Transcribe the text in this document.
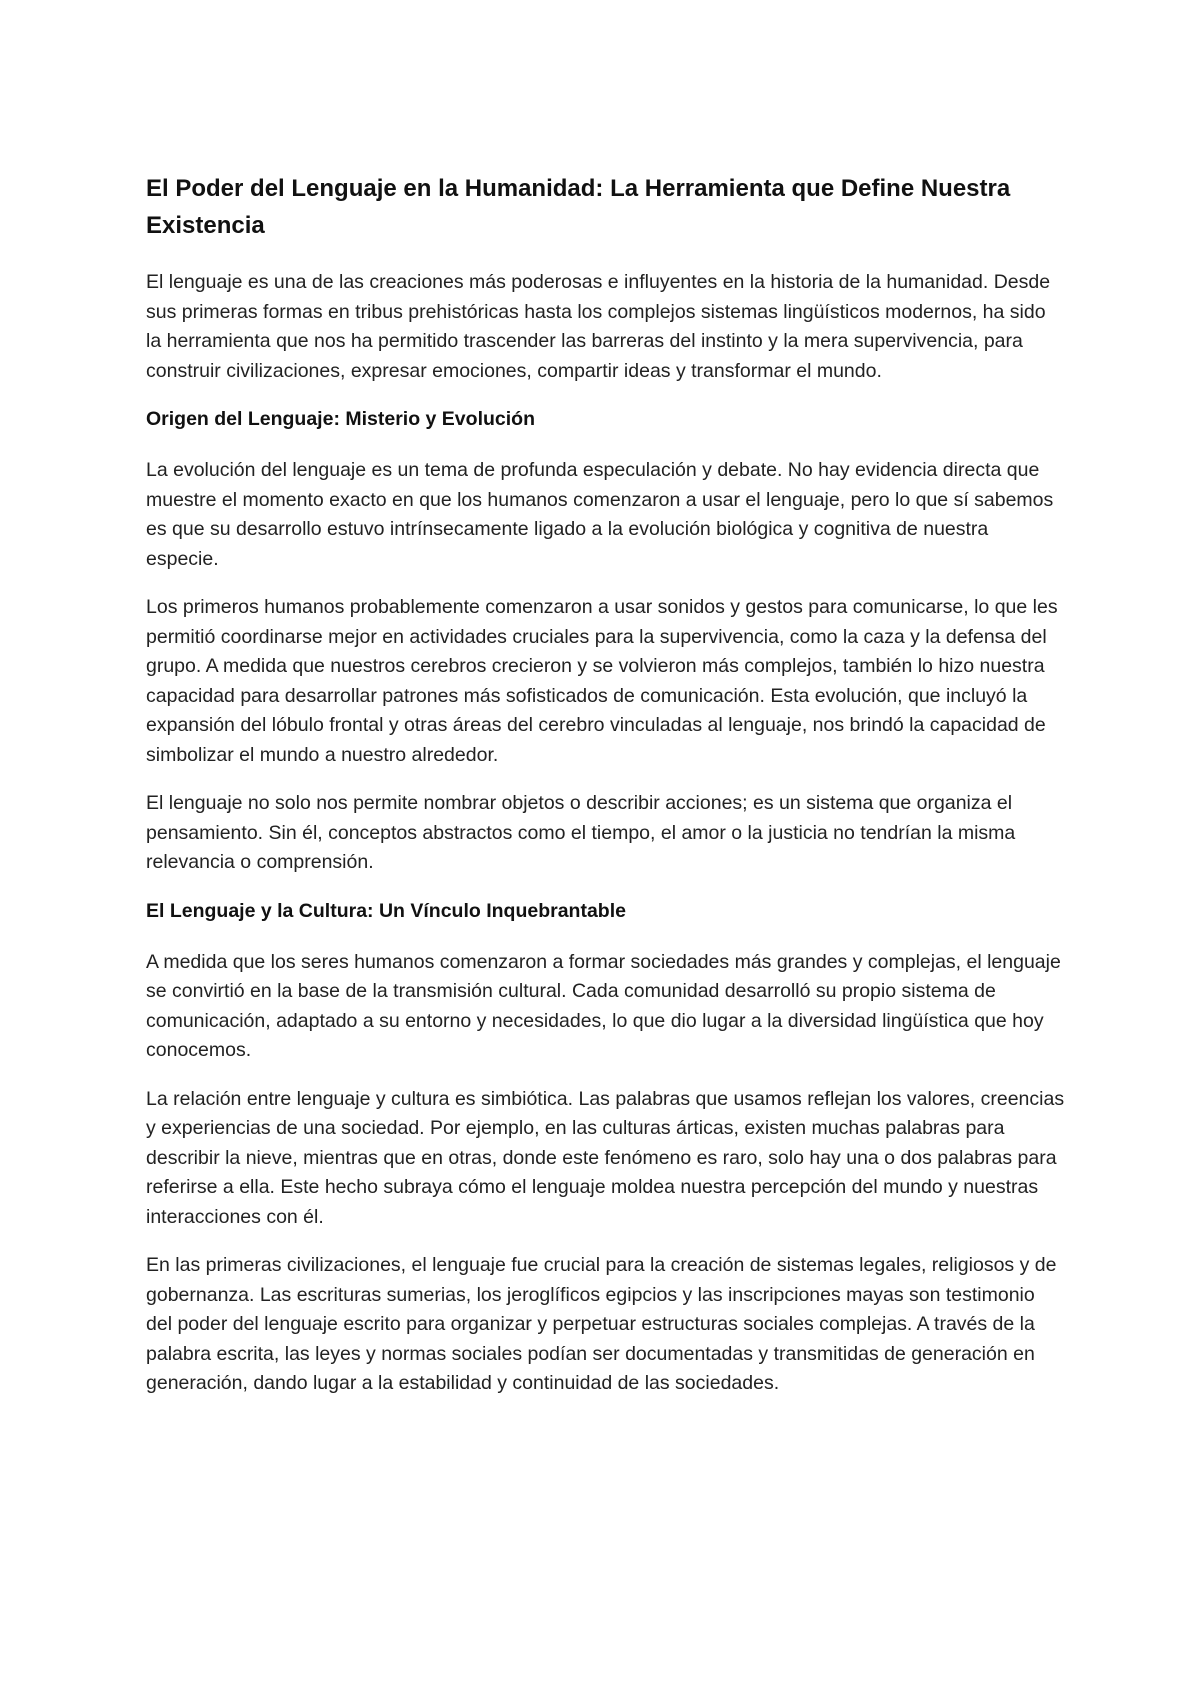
El Poder del Lenguaje en la Humanidad: La Herramienta que Define Nuestra Existencia

El lenguaje es una de las creaciones más poderosas e influyentes en la historia de la humanidad. Desde sus primeras formas en tribus prehistóricas hasta los complejos sistemas lingüísticos modernos, ha sido la herramienta que nos ha permitido trascender las barreras del instinto y la mera supervivencia, para construir civilizaciones, expresar emociones, compartir ideas y transformar el mundo.

Origen del Lenguaje: Misterio y Evolución

La evolución del lenguaje es un tema de profunda especulación y debate. No hay evidencia directa que muestre el momento exacto en que los humanos comenzaron a usar el lenguaje, pero lo que sí sabemos es que su desarrollo estuvo intrínsecamente ligado a la evolución biológica y cognitiva de nuestra especie.

Los primeros humanos probablemente comenzaron a usar sonidos y gestos para comunicarse, lo que les permitió coordinarse mejor en actividades cruciales para la supervivencia, como la caza y la defensa del grupo. A medida que nuestros cerebros crecieron y se volvieron más complejos, también lo hizo nuestra capacidad para desarrollar patrones más sofisticados de comunicación. Esta evolución, que incluyó la expansión del lóbulo frontal y otras áreas del cerebro vinculadas al lenguaje, nos brindó la capacidad de simbolizar el mundo a nuestro alrededor.

El lenguaje no solo nos permite nombrar objetos o describir acciones; es un sistema que organiza el pensamiento. Sin él, conceptos abstractos como el tiempo, el amor o la justicia no tendrían la misma relevancia o comprensión.

El Lenguaje y la Cultura: Un Vínculo Inquebrantable

A medida que los seres humanos comenzaron a formar sociedades más grandes y complejas, el lenguaje se convirtió en la base de la transmisión cultural. Cada comunidad desarrolló su propio sistema de comunicación, adaptado a su entorno y necesidades, lo que dio lugar a la diversidad lingüística que hoy conocemos.

La relación entre lenguaje y cultura es simbiótica. Las palabras que usamos reflejan los valores, creencias y experiencias de una sociedad. Por ejemplo, en las culturas árticas, existen muchas palabras para describir la nieve, mientras que en otras, donde este fenómeno es raro, solo hay una o dos palabras para referirse a ella. Este hecho subraya cómo el lenguaje moldea nuestra percepción del mundo y nuestras interacciones con él.

En las primeras civilizaciones, el lenguaje fue crucial para la creación de sistemas legales, religiosos y de gobernanza. Las escrituras sumerias, los jeroglíficos egipcios y las inscripciones mayas son testimonio del poder del lenguaje escrito para organizar y perpetuar estructuras sociales complejas. A través de la palabra escrita, las leyes y normas sociales podían ser documentadas y transmitidas de generación en generación, dando lugar a la estabilidad y continuidad de las sociedades.
